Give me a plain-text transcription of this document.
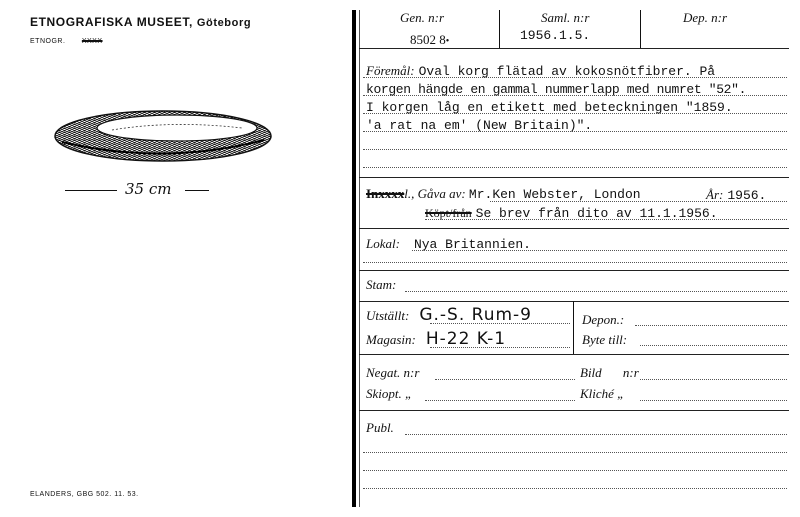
ETNOGRAFISKA MUSEET, Göteborg
ETNOGR. XXXX
35 cm
ELANDERS, GBG 502. 11. 53.
Gen. n:r
8502 8•
Saml. n:r
1956.1.5.
Dep. n:r
Föremål: Oval korg flätad av kokosnötfibrer. På
korgen hängde en gammal nummerlapp med numret "52".
I korgen låg en etikett med beteckningen "1859.
'a rat na em' (New Britain)".
Inxxxxl., Gåva av: Mr.Ken Webster, London	År: 1956.
Köpt/från Se brev från dito av 11.1.1956.
Lokal: Nya Britannien.
Stam:
Utställt: G.-S. Rum-9
Magasin: H-22 K-1
Depon.:
Byte till:
Negat. n:r	Bild n:r
Skiopt. „	Kliché „
Publ.
